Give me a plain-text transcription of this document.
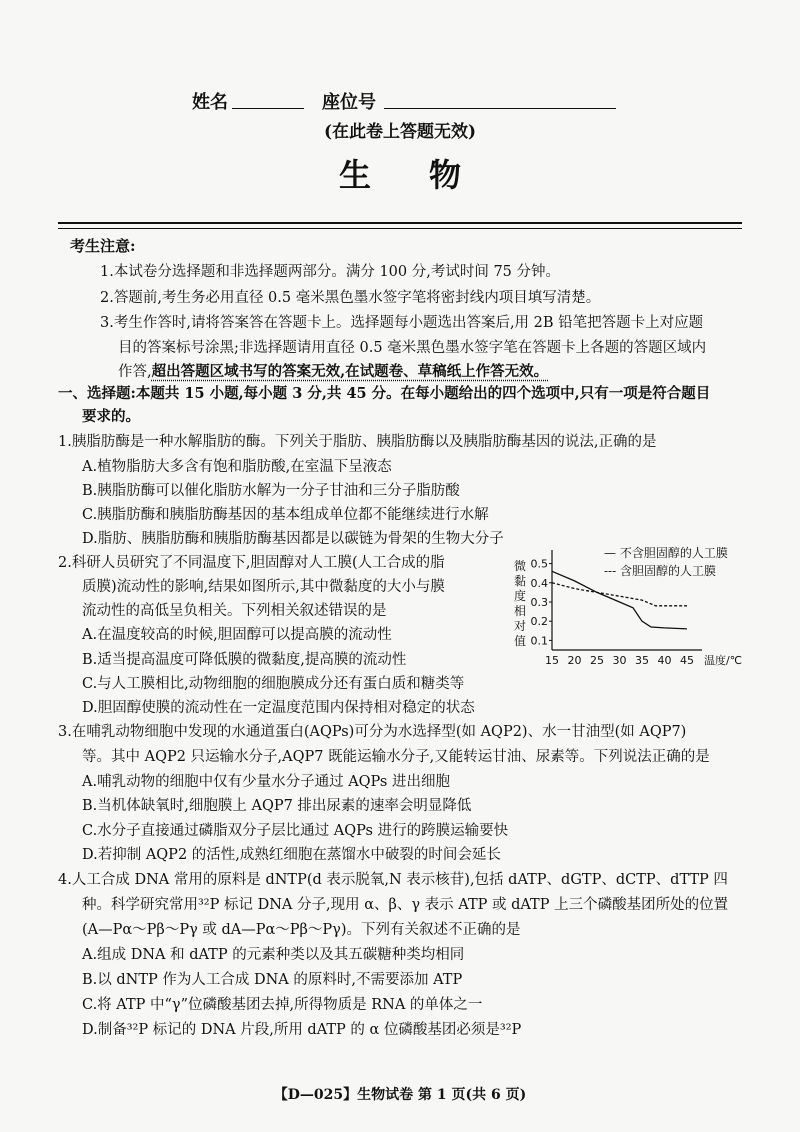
姓名	座位号
(在此卷上答题无效)
生物
考生注意:
1.本试卷分选择题和非选择题两部分。满分 100 分,考试时间 75 分钟。
2.答题前,考生务必用直径 0.5 毫米黑色墨水签字笔将密封线内项目填写清楚。
3.考生作答时,请将答案答在答题卡上。选择题每小题选出答案后,用 2B 铅笔把答题卡上对应题
目的答案标号涂黑;非选择题请用直径 0.5 毫米黑色墨水签字笔在答题卡上各题的答题区域内
作答,超出答题区域书写的答案无效,在试题卷、草稿纸上作答无效。
一、选择题:本题共 15 小题,每小题 3 分,共 45 分。在每小题给出的四个选项中,只有一项是符合题目
要求的。
1.胰脂肪酶是一种水解脂肪的酶。下列关于脂肪、胰脂肪酶以及胰脂肪酶基因的说法,正确的是
A.植物脂肪大多含有饱和脂肪酸,在室温下呈液态
B.胰脂肪酶可以催化脂肪水解为一分子甘油和三分子脂肪酸
C.胰脂肪酶和胰脂肪酶基因的基本组成单位都不能继续进行水解
D.脂肪、胰脂肪酶和胰脂肪酶基因都是以碳链为骨架的生物大分子
2.科研人员研究了不同温度下,胆固醇对人工膜(人工合成的脂
质膜)流动性的影响,结果如图所示,其中微黏度的大小与膜
流动性的高低呈负相关。下列相关叙述错误的是
A.在温度较高的时候,胆固醇可以提高膜的流动性
B.适当提高温度可降低膜的微黏度,提高膜的流动性
C.与人工膜相比,动物细胞的细胞膜成分还有蛋白质和糖类等
D.胆固醇使膜的流动性在一定温度范围内保持相对稳定的状态
0.1
0.2
0.3
0.4
0.5
15 20 25 30 35 40 45 温度/℃
微
黏
度
相
对
值
— 不含胆固醇的人工膜
--- 含胆固醇的人工膜
3.在哺乳动物细胞中发现的水通道蛋白(AQPs)可分为水选择型(如 AQP2)、水一甘油型(如 AQP7)
等。其中 AQP2 只运输水分子,AQP7 既能运输水分子,又能转运甘油、尿素等。下列说法正确的是
A.哺乳动物的细胞中仅有少量水分子通过 AQPs 进出细胞
B.当机体缺氧时,细胞膜上 AQP7 排出尿素的速率会明显降低
C.水分子直接通过磷脂双分子层比通过 AQPs 进行的跨膜运输要快
D.若抑制 AQP2 的活性,成熟红细胞在蒸馏水中破裂的时间会延长
4.人工合成 DNA 常用的原料是 dNTP(d 表示脱氧,N 表示核苷),包括 dATP、dGTP、dCTP、dTTP 四
种。科学研究常用³²P 标记 DNA 分子,现用 α、β、γ 表示 ATP 或 dATP 上三个磷酸基团所处的位置
(A—Pα～Pβ～Pγ 或 dA—Pα～Pβ～Pγ)。下列有关叙述不正确的是
A.组成 DNA 和 dATP 的元素种类以及其五碳糖种类均相同
B.以 dNTP 作为人工合成 DNA 的原料时,不需要添加 ATP
C.将 ATP 中“γ”位磷酸基团去掉,所得物质是 RNA 的单体之一
D.制备³²P 标记的 DNA 片段,所用 dATP 的 α 位磷酸基团必须是³²P
【D—025】生物试卷 第 1 页(共 6 页)
